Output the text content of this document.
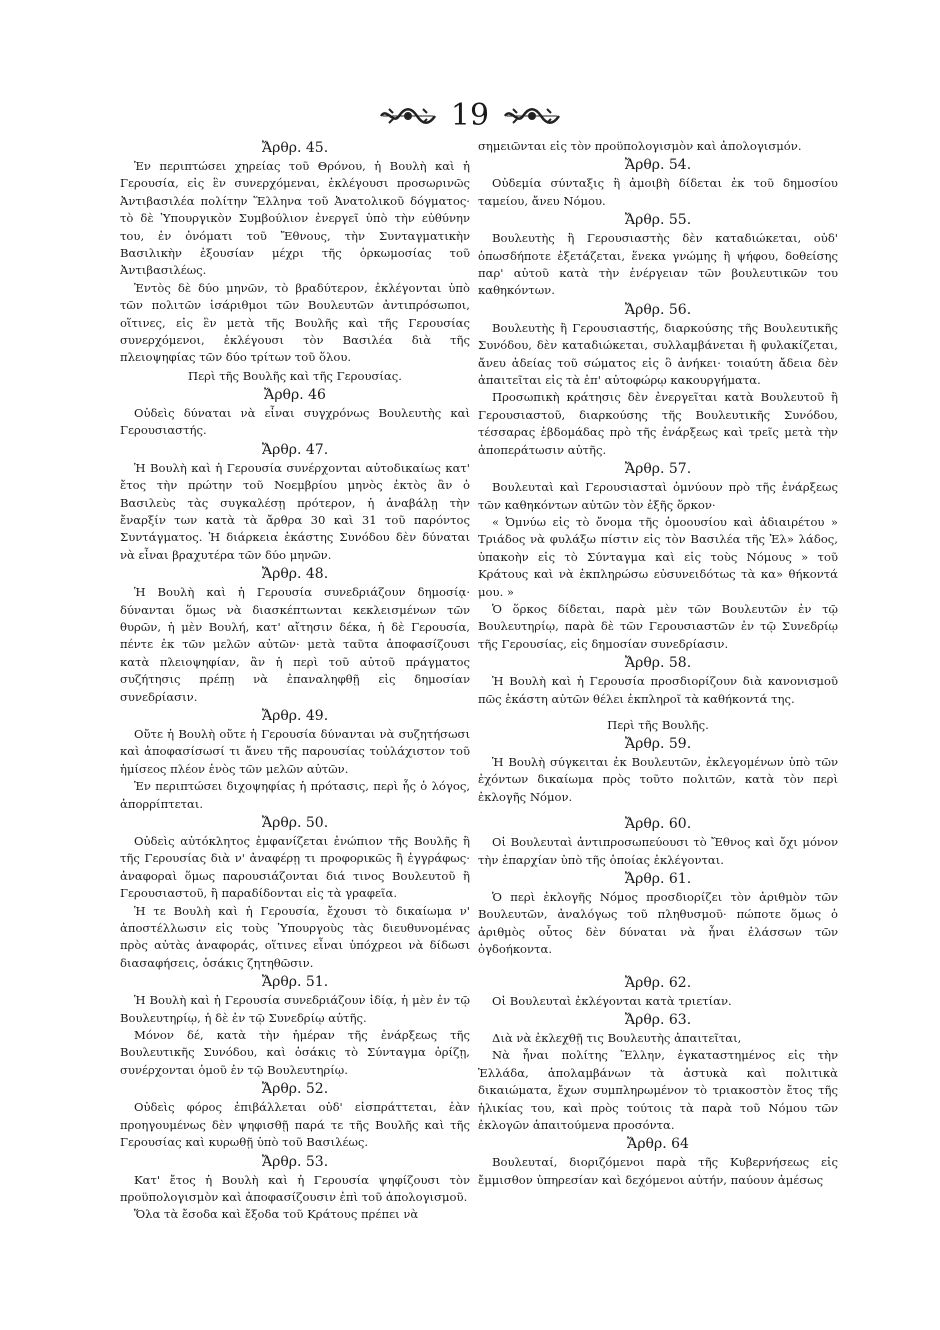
19
Ἄρθρ. 45.

Ἐν περιπτώσει χηρείας τοῦ Θρόνου, ἡ Βουλὴ καὶ ἡ Γερουσία, εἰς ἓν συνερχόμεναι, ἐκλέγουσι προσωρινῶς Ἀντιβασιλέα πολίτην Ἕλληνα τοῦ Ἀνατολικοῦ δόγματος· τὸ δὲ Ὑπουργικὸν Συμβούλιον ἐνεργεῖ ὑπὸ τὴν εὐθύνην του, ἐν ὀνόματι τοῦ Ἔθνους, τὴν Συνταγματικὴν Βασιλικὴν ἐξουσίαν μέχρι τῆς ὁρκωμοσίας τοῦ Ἀντιβασιλέως.

Ἐντὸς δὲ δύο μηνῶν, τὸ βραδύτερον, ἐκλέγονται ὑπὸ τῶν πολιτῶν ἰσάριθμοι τῶν Βουλευτῶν ἀντιπρόσωποι, οἵτινες, εἰς ἓν μετὰ τῆς Βουλῆς καὶ τῆς Γερουσίας συνερχόμενοι, ἐκλέγουσι τὸν Βασιλέα διὰ τῆς πλειοψηφίας τῶν δύο τρίτων τοῦ ὅλου.

Περὶ τῆς Βουλῆς καὶ τῆς Γερουσίας.
Ἄρθρ. 46

Οὐδεὶς δύναται νὰ εἶναι συγχρόνως Βουλευτὴς καὶ Γερουσιαστής.

Ἄρθρ. 47.

Ἡ Βουλὴ καὶ ἡ Γερουσία συνέρχονται αὐτοδικαίως κατ' ἔτος τὴν πρώτην τοῦ Νοεμβρίου μηνὸς ἐκτὸς ἂν ὁ Βασιλεὺς τὰς συγκαλέσῃ πρότερον, ἡ ἀναβάλῃ τὴν ἔναρξίν των κατὰ τὰ ἄρθρα 30 καὶ 31 τοῦ παρόντος Συντάγματος. Ἡ διάρκεια ἑκάστης Συνόδου δὲν δύναται νὰ εἶναι βραχυτέρα τῶν δύο μηνῶν.

Ἄρθρ. 48.

Ἡ Βουλὴ καὶ ἡ Γερουσία συνεδριάζουν δημοσίᾳ· δύνανται ὅμως νὰ διασκέπτωνται κεκλεισμένων τῶν θυρῶν, ἡ μὲν Βουλή, κατ' αἴτησιν δέκα, ἡ δὲ Γερουσία, πέντε ἐκ τῶν μελῶν αὐτῶν· μετὰ ταῦτα ἀποφασίζουσι κατὰ πλειοψηφίαν, ἂν ἡ περὶ τοῦ αὐτοῦ πράγματος συζήτησις πρέπῃ νὰ ἐπαναληφθῇ εἰς δημοσίαν συνεδρίασιν.

Ἄρθρ. 49.

Οὔτε ἡ Βουλὴ οὔτε ἡ Γερουσία δύνανται νὰ συζητήσωσι καὶ ἀποφασίσωσί τι ἄνευ τῆς παρουσίας τοὐλάχιστον τοῦ ἡμίσεος πλέον ἑνὸς τῶν μελῶν αὐτῶν.

Ἐν περιπτώσει διχοψηφίας ἡ πρότασις, περὶ ἧς ὁ λόγος, ἀπορρίπτεται.

Ἄρθρ. 50.

Οὐδεὶς αὐτόκλητος ἐμφανίζεται ἐνώπιον τῆς Βουλῆς ἢ τῆς Γερουσίας διὰ ν' ἀναφέρῃ τι προφορικῶς ἢ ἐγγράφως· ἀναφοραὶ ὅμως παρουσιάζονται διά τινος Βουλευτοῦ ἢ Γερουσιαστοῦ, ἢ παραδίδονται εἰς τὰ γραφεῖα.

Ἡ τε Βουλὴ καὶ ἡ Γερουσία, ἔχουσι τὸ δικαίωμα ν' ἀποστέλλωσιν εἰς τοὺς Ὑπουργοὺς τὰς διευθυνομένας πρὸς αὐτὰς ἀναφοράς, οἵτινες εἶναι ὑπόχρεοι νὰ δίδωσι διασαφήσεις, ὁσάκις ζητηθῶσιν.

Ἄρθρ. 51.

Ἡ Βουλὴ καὶ ἡ Γερουσία συνεδριάζουν ἰδίᾳ, ἡ μὲν ἐν τῷ Βουλευτηρίῳ, ἡ δὲ ἐν τῷ Συνεδρίῳ αὐτῆς.

Μόνον δέ, κατὰ τὴν ἡμέραν τῆς ἐνάρξεως τῆς Βουλευτικῆς Συνόδου, καὶ ὁσάκις τὸ Σύνταγμα ὁρίζῃ, συνέρχονται ὁμοῦ ἐν τῷ Βουλευτηρίῳ.

Ἄρθρ. 52.

Οὐδεὶς φόρος ἐπιβάλλεται οὐδ' εἰσπράττεται, ἐὰν προηγουμένως δὲν ψηφισθῇ παρά τε τῆς Βουλῆς καὶ τῆς Γερουσίας καὶ κυρωθῇ ὑπὸ τοῦ Βασιλέως.

Ἄρθρ. 53.

Κατ' ἔτος ἡ Βουλὴ καὶ ἡ Γερουσία ψηφίζουσι τὸν προϋπολογισμὸν καὶ ἀποφασίζουσιν ἐπὶ τοῦ ἀπολογισμοῦ.

Ὅλα τὰ ἔσοδα καὶ ἔξοδα τοῦ Κράτους πρέπει νὰ

σημειῶνται εἰς τὸν προϋπολογισμὸν καὶ ἀπολογισμόν.

Ἄρθρ. 54.

Οὐδεμία σύνταξις ἢ ἀμοιβὴ δίδεται ἐκ τοῦ δημοσίου ταμείου, ἄνευ Νόμου.

Ἄρθρ. 55.

Βουλευτὴς ἢ Γερουσιαστὴς δὲν καταδιώκεται, οὐδ' ὁπωσδήποτε ἐξετάζεται, ἕνεκα γνώμης ἢ ψήφου, δοθείσης παρ' αὐτοῦ κατὰ τὴν ἐνέργειαν τῶν βουλευτικῶν του καθηκόντων.

Ἄρθρ. 56.

Βουλευτὴς ἢ Γερουσιαστής, διαρκούσης τῆς Βουλευτικῆς Συνόδου, δὲν καταδιώκεται, συλλαμβάνεται ἢ φυλακίζεται, ἄνευ ἀδείας τοῦ σώματος εἰς ὃ ἀνήκει· τοιαύτη ἄδεια δὲν ἀπαιτεῖται εἰς τὰ ἐπ' αὐτοφώρῳ κακουργήματα.

Προσωπικὴ κράτησις δὲν ἐνεργεῖται κατὰ Βουλευτοῦ ἢ Γερουσιαστοῦ, διαρκούσης τῆς Βουλευτικῆς Συνόδου, τέσσαρας ἑβδομάδας πρὸ τῆς ἐνάρξεως καὶ τρεῖς μετὰ τὴν ἀποπεράτωσιν αὐτῆς.

Ἄρθρ. 57.

Βουλευταὶ καὶ Γερουσιασταὶ ὀμνύουν πρὸ τῆς ἐνάρξεως τῶν καθηκόντων αὐτῶν τὸν ἑξῆς ὅρκον·

« Ὀμνύω εἰς τὸ ὄνομα τῆς ὁμοουσίου καὶ ἀδιαιρέτου » Τριάδος νὰ φυλάξω πίστιν εἰς τὸν Βασιλέα τῆς Ἑλ» λάδος, ὑπακοὴν εἰς τὸ Σύνταγμα καὶ εἰς τοὺς Νόμους » τοῦ Κράτους καὶ νὰ ἐκπληρώσω εὐσυνειδότως τὰ κα» θήκοντά μου. »

Ὁ ὅρκος δίδεται, παρὰ μὲν τῶν Βουλευτῶν ἐν τῷ Βουλευτηρίῳ, παρὰ δὲ τῶν Γερουσιαστῶν ἐν τῷ Συνεδρίῳ τῆς Γερουσίας, εἰς δημοσίαν συνεδρίασιν.

Ἄρθρ. 58.

Ἡ Βουλὴ καὶ ἡ Γερουσία προσδιορίζουν διὰ κανονισμοῦ πῶς ἑκάστη αὐτῶν θέλει ἐκπληροῖ τὰ καθήκοντά της.

Περὶ τῆς Βουλῆς.
Ἄρθρ. 59.

Ἡ Βουλὴ σύγκειται ἐκ Βουλευτῶν, ἐκλεγομένων ὑπὸ τῶν ἐχόντων δικαίωμα πρὸς τοῦτο πολιτῶν, κατὰ τὸν περὶ ἐκλογῆς Νόμον.

Ἄρθρ. 60.

Οἱ Βουλευταὶ ἀντιπροσωπεύουσι τὸ Ἔθνος καὶ ὄχι μόνον τὴν ἐπαρχίαν ὑπὸ τῆς ὁποίας ἐκλέγονται.

Ἄρθρ. 61.

Ὁ περὶ ἐκλογῆς Νόμος προσδιορίζει τὸν ἀριθμὸν τῶν Βουλευτῶν, ἀναλόγως τοῦ πληθυσμοῦ· πώποτε ὅμως ὁ ἀριθμὸς οὗτος δὲν δύναται νὰ ἦναι ἐλάσσων τῶν ὀγδοήκοντα.

Ἄρθρ. 62.

Οἱ Βουλευταὶ ἐκλέγονται κατὰ τριετίαν.

Ἄρθρ. 63.

Διὰ νὰ ἐκλεχθῇ τις Βουλευτὴς ἀπαιτεῖται,

Νὰ ἦναι πολίτης Ἕλλην, ἐγκαταστημένος εἰς τὴν Ἑλλάδα, ἀπολαμβάνων τὰ ἀστυκὰ καὶ πολιτικὰ δικαιώματα, ἔχων συμπληρωμένον τὸ τριακοστὸν ἔτος τῆς ἡλικίας του, καὶ πρὸς τούτοις τὰ παρὰ τοῦ Νόμου τῶν ἐκλογῶν ἀπαιτούμενα προσόντα.

Ἄρθρ. 64

Βουλευταί, διοριζόμενοι παρὰ τῆς Κυβερνήσεως εἰς ἔμμισθον ὑπηρεσίαν καὶ δεχόμενοι αὐτήν, παύουν ἀμέσως
